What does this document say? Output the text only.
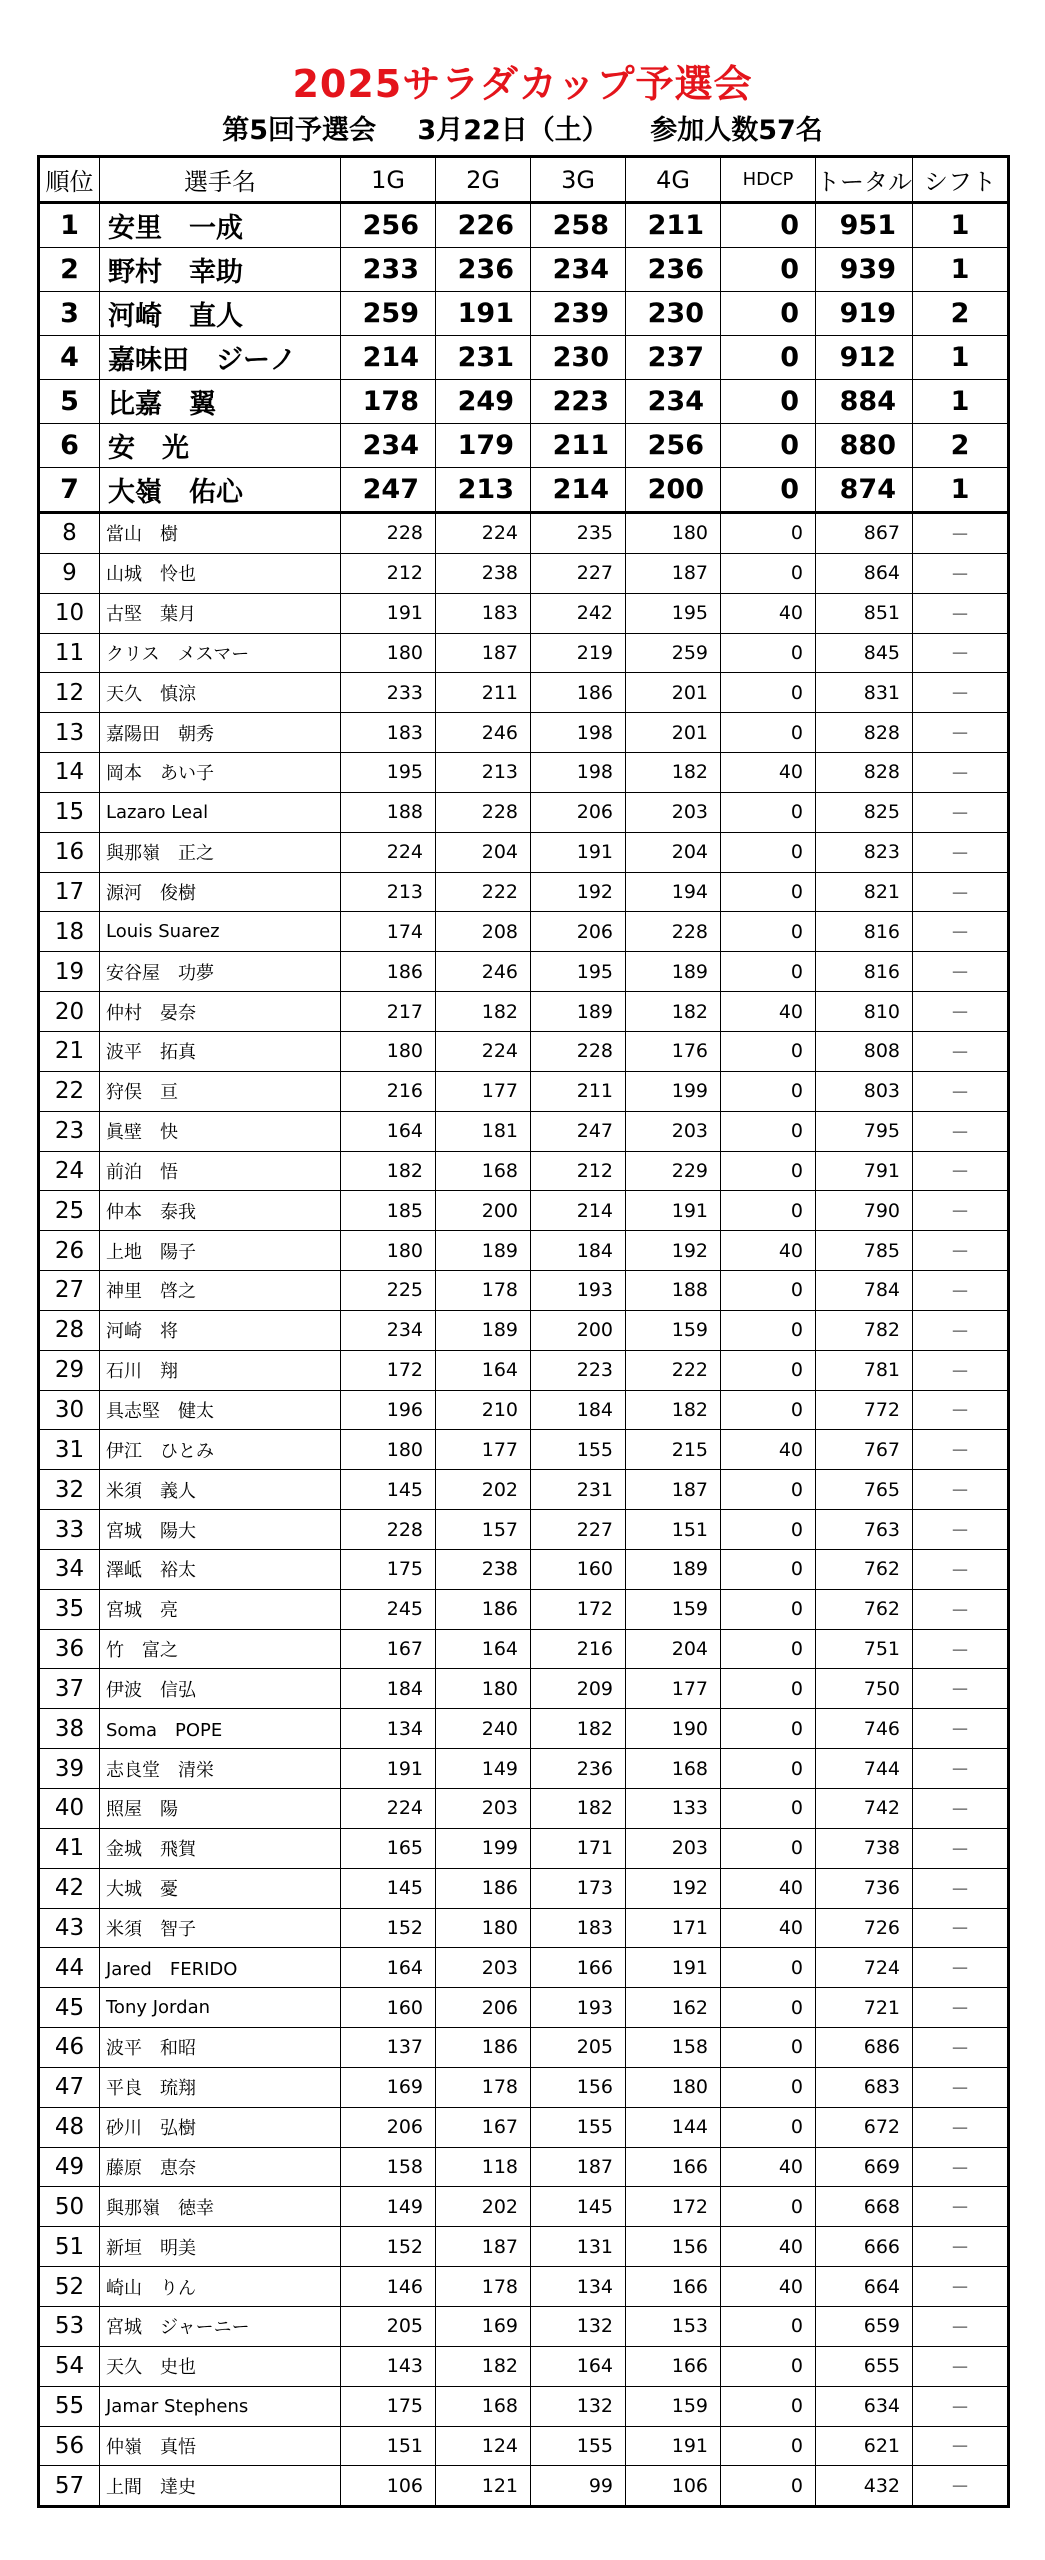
2025サラダカップ予選会
第5回予選会 3月22日（土） 参加人数57名
順位	選手名	1G	2G	3G	4G	HDCP	トータル	シフト
1	安里　一成	256	226	258	211	0	951	1
2	野村　幸助	233	236	234	236	0	939	1
3	河崎　直人	259	191	239	230	0	919	2
4	嘉味田　ジーノ	214	231	230	237	0	912	1
5	比嘉　翼	178	249	223	234	0	884	1
6	安　光	234	179	211	256	0	880	2
7	大嶺　佑心	247	213	214	200	0	874	1
8	當山　樹	228	224	235	180	0	867	－
9	山城　怜也	212	238	227	187	0	864	－
10	古堅　葉月	191	183	242	195	40	851	－
11	クリス　メスマー	180	187	219	259	0	845	－
12	天久　慎涼	233	211	186	201	0	831	－
13	嘉陽田　朝秀	183	246	198	201	0	828	－
14	岡本　あい子	195	213	198	182	40	828	－
15	Lazaro Leal	188	228	206	203	0	825	－
16	與那嶺　正之	224	204	191	204	0	823	－
17	源河　俊樹	213	222	192	194	0	821	－
18	Louis Suarez	174	208	206	228	0	816	－
19	安谷屋　功夢	186	246	195	189	0	816	－
20	仲村　晏奈	217	182	189	182	40	810	－
21	波平　拓真	180	224	228	176	0	808	－
22	狩俣　亘	216	177	211	199	0	803	－
23	眞壁　快	164	181	247	203	0	795	－
24	前泊　悟	182	168	212	229	0	791	－
25	仲本　泰我	185	200	214	191	0	790	－
26	上地　陽子	180	189	184	192	40	785	－
27	神里　啓之	225	178	193	188	0	784	－
28	河崎　将	234	189	200	159	0	782	－
29	石川　翔	172	164	223	222	0	781	－
30	具志堅　健太	196	210	184	182	0	772	－
31	伊江　ひとみ	180	177	155	215	40	767	－
32	米須　義人	145	202	231	187	0	765	－
33	宮城　陽大	228	157	227	151	0	763	－
34	澤岻　裕太	175	238	160	189	0	762	－
35	宮城　亮	245	186	172	159	0	762	－
36	竹　富之	167	164	216	204	0	751	－
37	伊波　信弘	184	180	209	177	0	750	－
38	Soma　POPE	134	240	182	190	0	746	－
39	志良堂　清栄	191	149	236	168	0	744	－
40	照屋　陽	224	203	182	133	0	742	－
41	金城　飛賀	165	199	171	203	0	738	－
42	大城　憂	145	186	173	192	40	736	－
43	米須　智子	152	180	183	171	40	726	－
44	Jared　FERIDO	164	203	166	191	0	724	－
45	Tony Jordan	160	206	193	162	0	721	－
46	波平　和昭	137	186	205	158	0	686	－
47	平良　琉翔	169	178	156	180	0	683	－
48	砂川　弘樹	206	167	155	144	0	672	－
49	藤原　恵奈	158	118	187	166	40	669	－
50	與那嶺　徳幸	149	202	145	172	0	668	－
51	新垣　明美	152	187	131	156	40	666	－
52	崎山　りん	146	178	134	166	40	664	－
53	宮城　ジャーニー	205	169	132	153	0	659	－
54	天久　史也	143	182	164	166	0	655	－
55	Jamar Stephens	175	168	132	159	0	634	－
56	仲嶺　真悟	151	124	155	191	0	621	－
57	上間　達史	106	121	99	106	0	432	－
